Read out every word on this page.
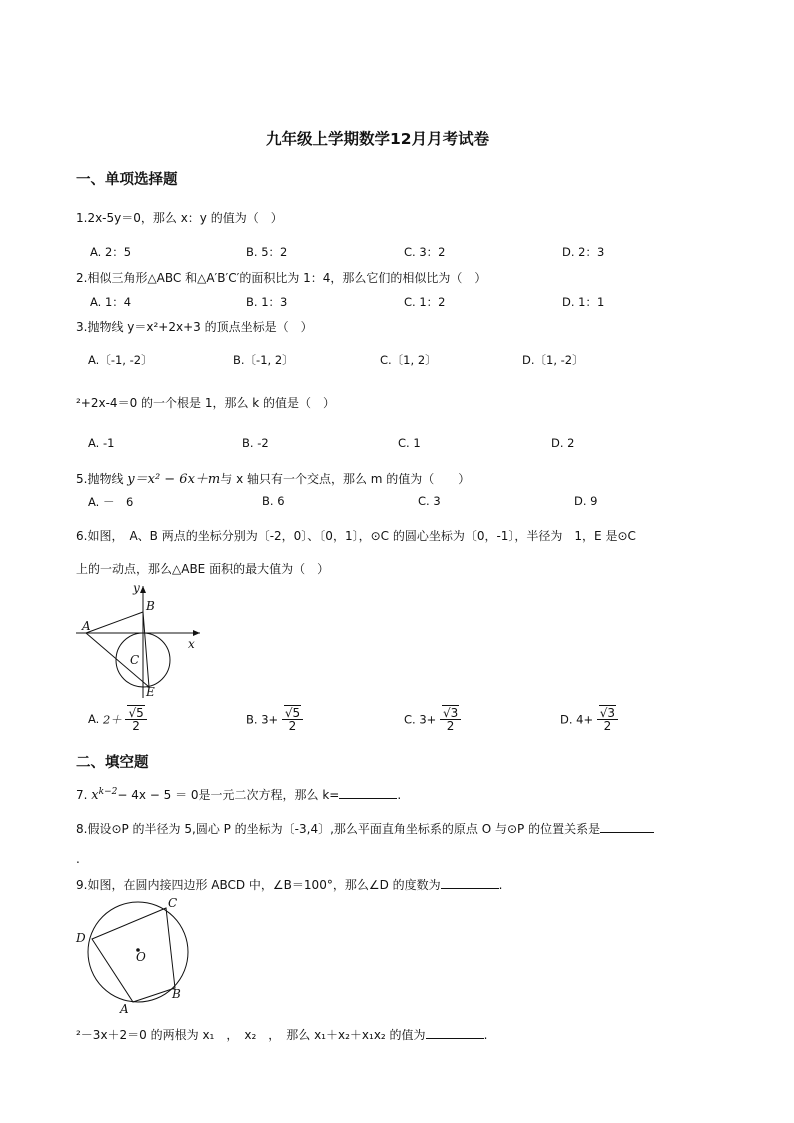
九年级上学期数学12月月考试卷
一、单项选择题
1.2x-5y＝0，那么 x：y 的值为（　）
A. 2：5	B. 5：2	C. 3：2	D. 2：3
2.相似三角形△ABC 和△A′B′C′的面积比为 1：4，那么它们的相似比为（　）
A. 1：4	B. 1：3	C. 1：2	D. 1：1
3.抛物线 y＝x²+2x+3 的顶点坐标是（　）
A.〔-1, -2〕	B.〔-1, 2〕	C.〔1, 2〕	D.〔1, -2〕
²+2x-4＝0 的一个根是 1，那么 k 的值是（　）
A. -1	B. -2	C. 1	D. 2
5.抛物线 y＝x² − 6x＋m与 x 轴只有一个交点，那么 m 的值为（　　）
A. －　6	B. 6	C. 3	D. 9
6.如图，　A、B 两点的坐标分别为〔-2，0〕、〔0，1〕，⊙C 的圆心坐标为〔0，-1〕，半径为　1，E 是⊙C
上的一动点，那么△ABE 面积的最大值为（　）
y
x
A
B
C
E
A. $2+ \frac{√5}{2}$	B. $3+ \frac{√5}{2}$	C. $3+ \frac{√3}{2}$	D. $4+ \frac{√3}{2}$
二、填空题
7. $x^{k-2}- 4x - 5 = 0$是一元二次方程，那么 k=	.
8.假设⊙P 的半径为 5,圆心 P 的坐标为〔-3,4〕,那么平面直角坐标系的原点 O 与⊙P 的位置关系是
.
9.如图，在圆内接四边形 ABCD 中，∠B＝100°，那么∠D 的度数为	.
C
D
O
B
A
²－3x＋2＝0 的两根为 x₁　，　x₂　，　那么 x₁＋x₂＋x₁x₂ 的值为	.
